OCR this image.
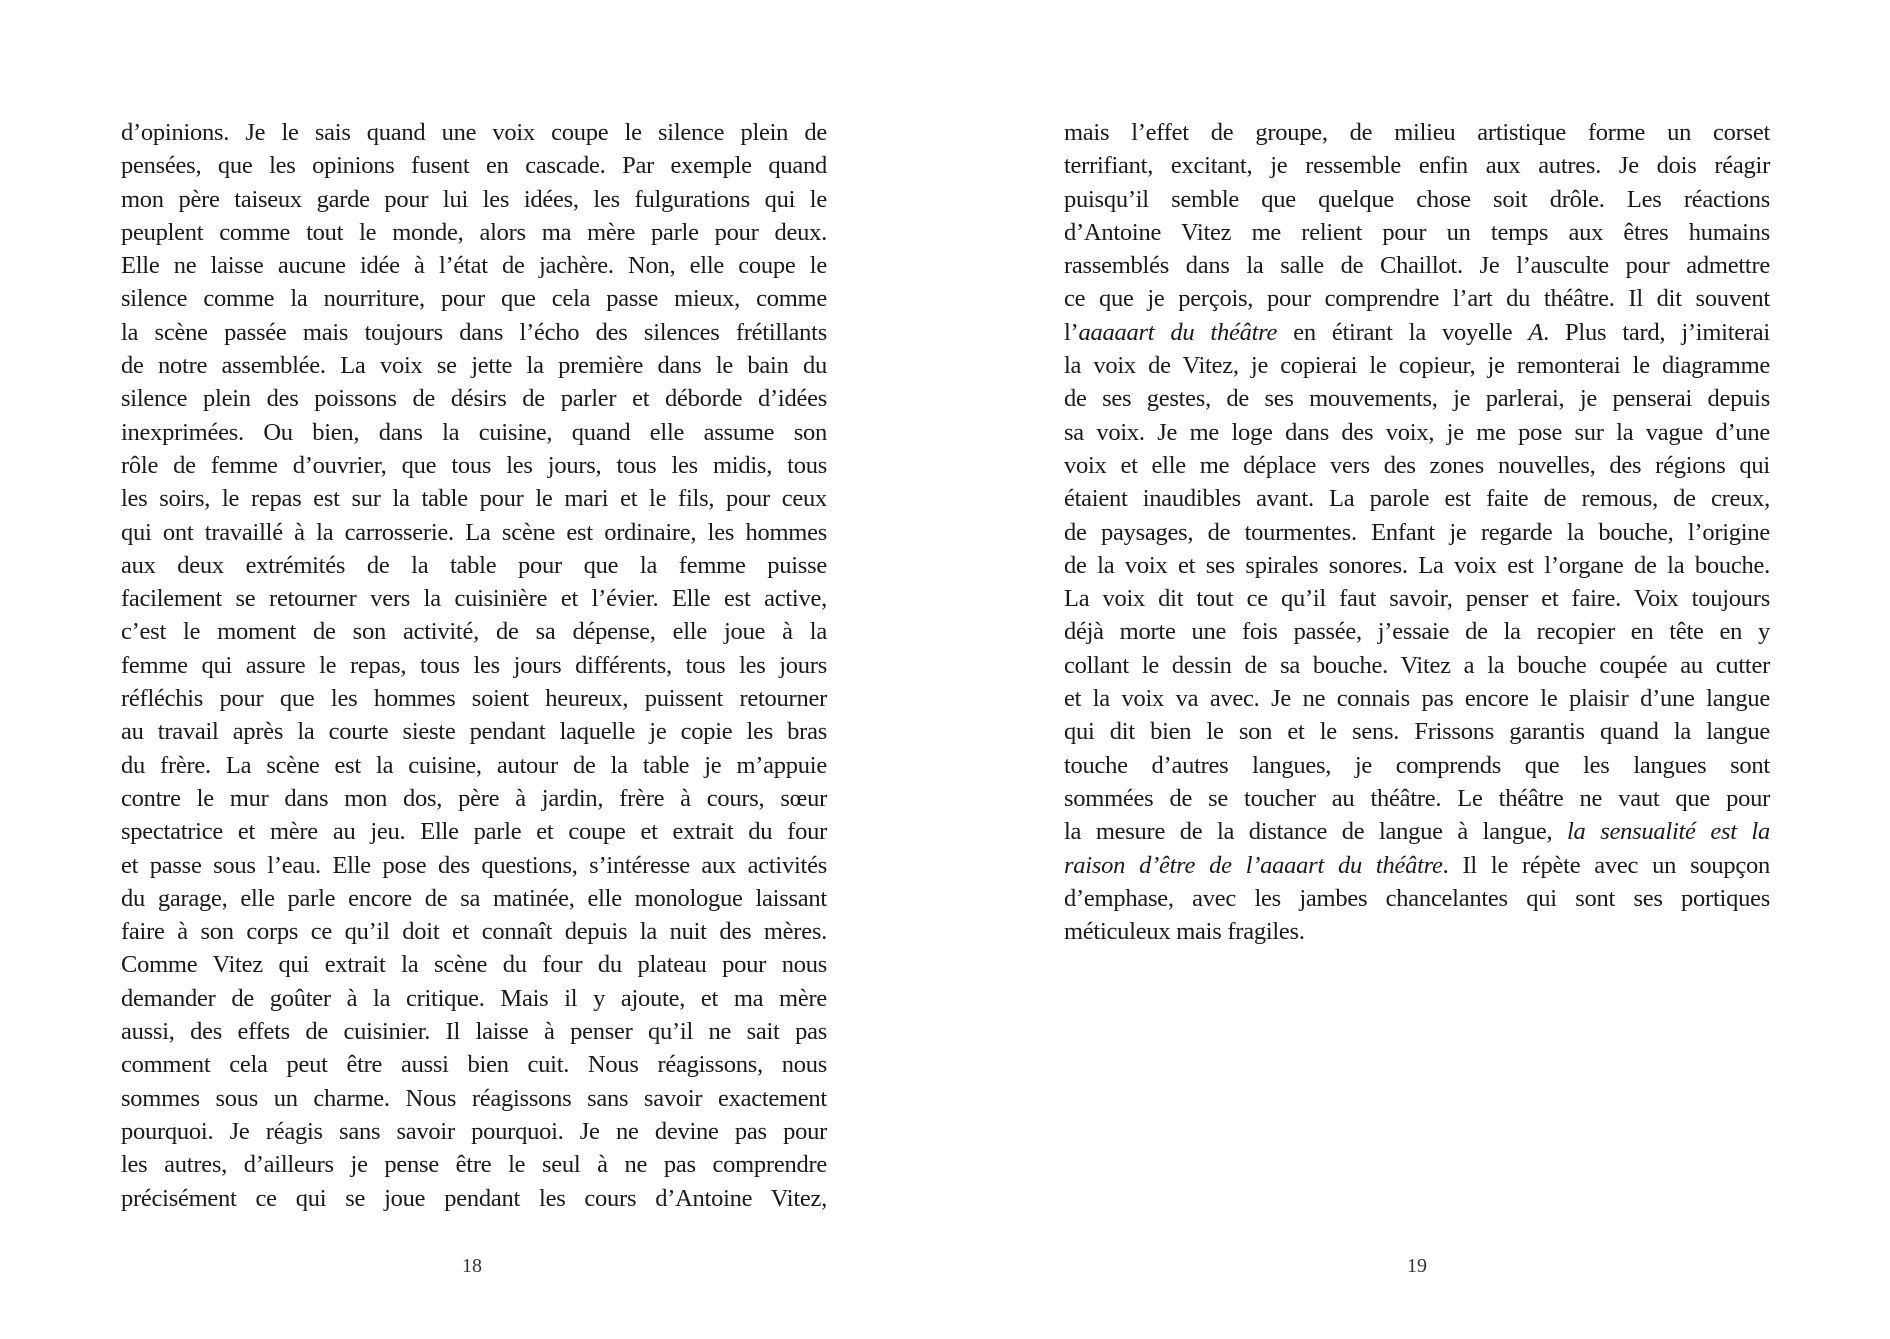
d’opinions. Je le sais quand une voix coupe le silence plein de
pensées, que les opinions fusent en cascade. Par exemple quand
mon père taiseux garde pour lui les idées, les fulgurations qui le
peuplent comme tout le monde, alors ma mère parle pour deux.
Elle ne laisse aucune idée à l’état de jachère. Non, elle coupe le
silence comme la nourriture, pour que cela passe mieux, comme
la scène passée mais toujours dans l’écho des silences frétillants
de notre assemblée. La voix se jette la première dans le bain du
silence plein des poissons de désirs de parler et déborde d’idées
inexprimées. Ou bien, dans la cuisine, quand elle assume son
rôle de femme d’ouvrier, que tous les jours, tous les midis, tous
les soirs, le repas est sur la table pour le mari et le fils, pour ceux
qui ont travaillé à la carrosserie. La scène est ordinaire, les hommes
aux deux extrémités de la table pour que la femme puisse
facilement se retourner vers la cuisinière et l’évier. Elle est active,
c’est le moment de son activité, de sa dépense, elle joue à la
femme qui assure le repas, tous les jours différents, tous les jours
réfléchis pour que les hommes soient heureux, puissent retourner
au travail après la courte sieste pendant laquelle je copie les bras
du frère. La scène est la cuisine, autour de la table je m’appuie
contre le mur dans mon dos, père à jardin, frère à cours, sœur
spectatrice et mère au jeu. Elle parle et coupe et extrait du four
et passe sous l’eau. Elle pose des questions, s’intéresse aux activités
du garage, elle parle encore de sa matinée, elle monologue laissant
faire à son corps ce qu’il doit et connaît depuis la nuit des mères.
Comme Vitez qui extrait la scène du four du plateau pour nous
demander de goûter à la critique. Mais il y ajoute, et ma mère
aussi, des effets de cuisinier. Il laisse à penser qu’il ne sait pas
comment cela peut être aussi bien cuit. Nous réagissons, nous
sommes sous un charme. Nous réagissons sans savoir exactement
pourquoi. Je réagis sans savoir pourquoi. Je ne devine pas pour
les autres, d’ailleurs je pense être le seul à ne pas comprendre
précisément ce qui se joue pendant les cours d’Antoine Vitez,
18
mais l’effet de groupe, de milieu artistique forme un corset
terrifiant, excitant, je ressemble enfin aux autres. Je dois réagir
puisqu’il semble que quelque chose soit drôle. Les réactions
d’Antoine Vitez me relient pour un temps aux êtres humains
rassemblés dans la salle de Chaillot. Je l’ausculte pour admettre
ce que je perçois, pour comprendre l’art du théâtre. Il dit souvent
l’aaaaart du théâtre en étirant la voyelle A. Plus tard, j’imiterai
la voix de Vitez, je copierai le copieur, je remonterai le diagramme
de ses gestes, de ses mouvements, je parlerai, je penserai depuis
sa voix. Je me loge dans des voix, je me pose sur la vague d’une
voix et elle me déplace vers des zones nouvelles, des régions qui
étaient inaudibles avant. La parole est faite de remous, de creux,
de paysages, de tourmentes. Enfant je regarde la bouche, l’origine
de la voix et ses spirales sonores. La voix est l’organe de la bouche.
La voix dit tout ce qu’il faut savoir, penser et faire. Voix toujours
déjà morte une fois passée, j’essaie de la recopier en tête en y
collant le dessin de sa bouche. Vitez a la bouche coupée au cutter
et la voix va avec. Je ne connais pas encore le plaisir d’une langue
qui dit bien le son et le sens. Frissons garantis quand la langue
touche d’autres langues, je comprends que les langues sont
sommées de se toucher au théâtre. Le théâtre ne vaut que pour
la mesure de la distance de langue à langue, la sensualité est la
raison d’être de l’aaaart du théâtre. Il le répète avec un soupçon
d’emphase, avec les jambes chancelantes qui sont ses portiques
méticuleux mais fragiles.
19
